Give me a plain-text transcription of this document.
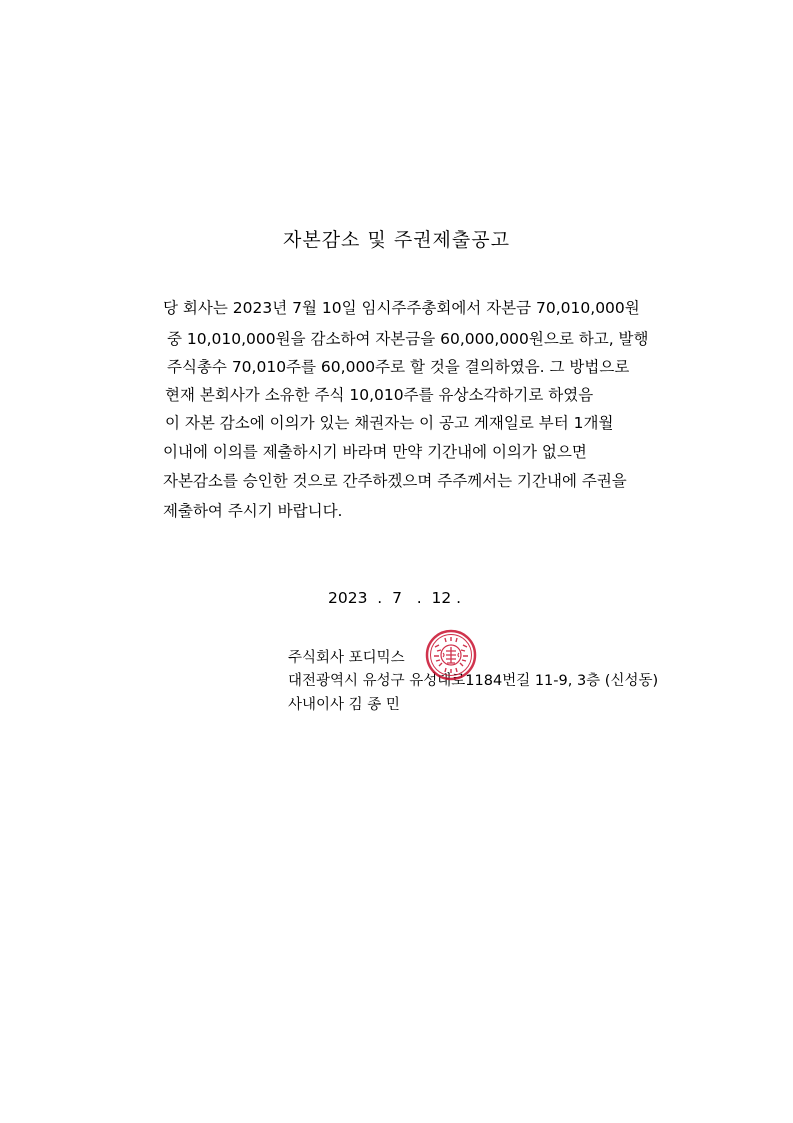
자본감소 및 주권제출공고
당 회사는 2023년 7월 10일 임시주주총회에서 자본금 70,010,000원
중 10,010,000원을 감소하여 자본금을 60,000,000원으로 하고, 발행
주식총수 70,010주를 60,000주로 할 것을 결의하였음. 그 방법으로
현재 본회사가 소유한 주식 10,010주를 유상소각하기로 하였음
이 자본 감소에 이의가 있는 채권자는 이 공고 게재일로 부터 1개월
이내에 이의를 제출하시기 바라며 만약 기간내에 이의가 없으면
자본감소를 승인한 것으로 간주하겠으며 주주께서는 기간내에 주권을
제출하여 주시기 바랍니다.
2023  .  7   .  12 .
주식회사 포디믹스
대전광역시 유성구 유성대로1184번길 11-9, 3층 (신성동)
사내이사 김 종 민
